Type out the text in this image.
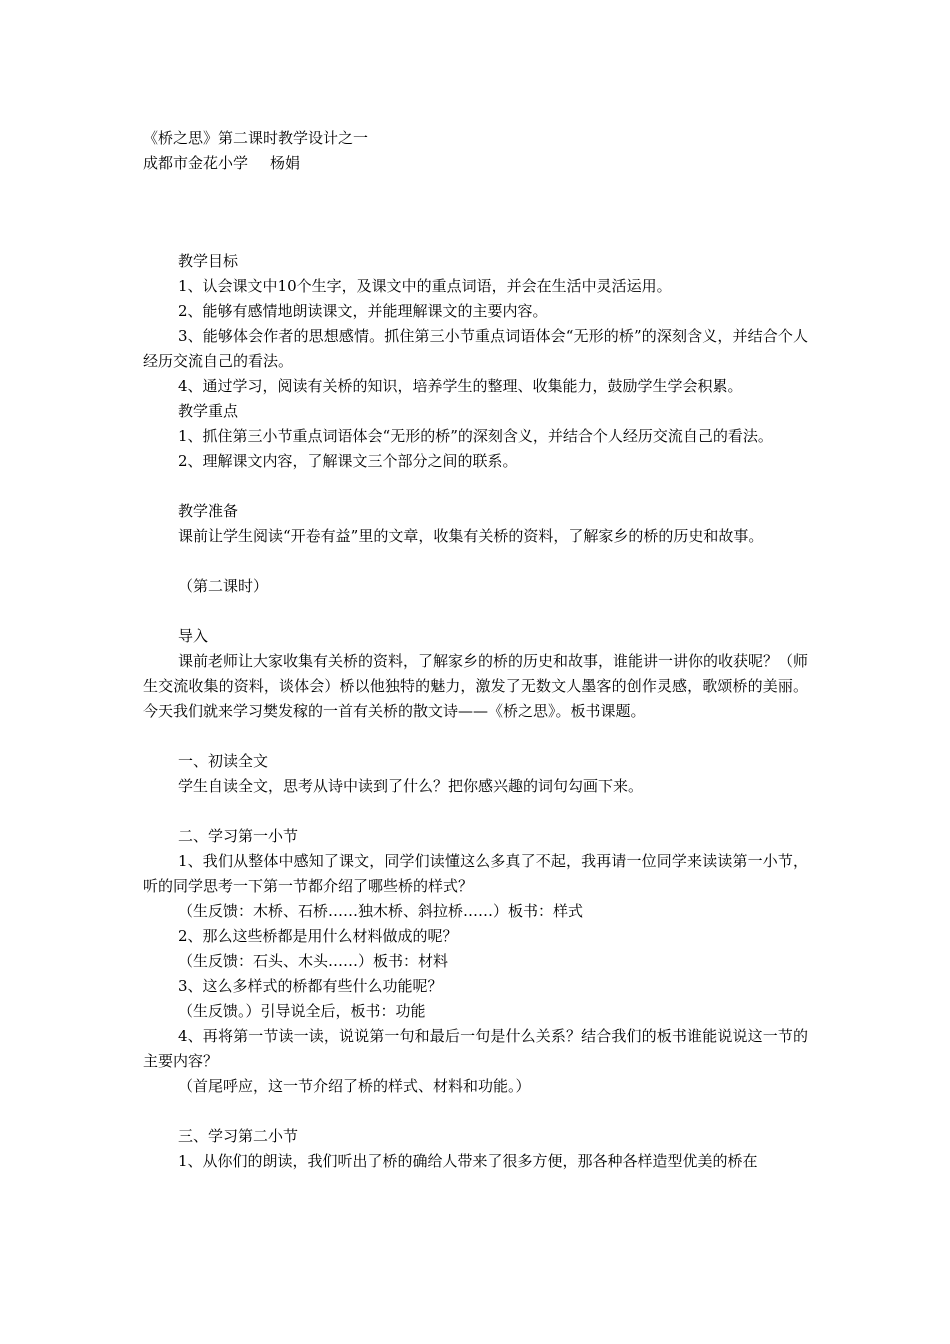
《桥之思》第二课时教学设计之一
成都市金花小学 杨娟

教学目标

1、认会课文中10个生字，及课文中的重点词语，并会在生活中灵活运用。

2、能够有感情地朗读课文，并能理解课文的主要内容。

3、能够体会作者的思想感情。抓住第三小节重点词语体会“无形的桥”的深刻含义，并结合个人经历交流自己的看法。

4、通过学习，阅读有关桥的知识，培养学生的整理、收集能力，鼓励学生学会积累。

教学重点

1、抓住第三小节重点词语体会“无形的桥”的深刻含义，并结合个人经历交流自己的看法。

2、理解课文内容，了解课文三个部分之间的联系。

教学准备

课前让学生阅读“开卷有益”里的文章，收集有关桥的资料，了解家乡的桥的历史和故事。

（第二课时）

导入

课前老师让大家收集有关桥的资料，了解家乡的桥的历史和故事，谁能讲一讲你的收获呢？（师生交流收集的资料，谈体会）桥以他独特的魅力，激发了无数文人墨客的创作灵感，歌颂桥的美丽。今天我们就来学习樊发稼的一首有关桥的散文诗——《桥之思》。板书课题。

一、初读全文

学生自读全文，思考从诗中读到了什么？把你感兴趣的词句勾画下来。

二、学习第一小节

1、我们从整体中感知了课文，同学们读懂这么多真了不起，我再请一位同学来读读第一小节，听的同学思考一下第一节都介绍了哪些桥的样式？

（生反馈：木桥、石桥……独木桥、斜拉桥……）板书：样式

2、那么这些桥都是用什么材料做成的呢？

（生反馈：石头、木头……）板书：材料

3、这么多样式的桥都有些什么功能呢？

（生反馈。）引导说全后，板书：功能

4、再将第一节读一读，说说第一句和最后一句是什么关系？结合我们的板书谁能说说这一节的主要内容？

（首尾呼应，这一节介绍了桥的样式、材料和功能。）

三、学习第二小节

1、从你们的朗读，我们听出了桥的确给人带来了很多方便，那各种各样造型优美的桥在
